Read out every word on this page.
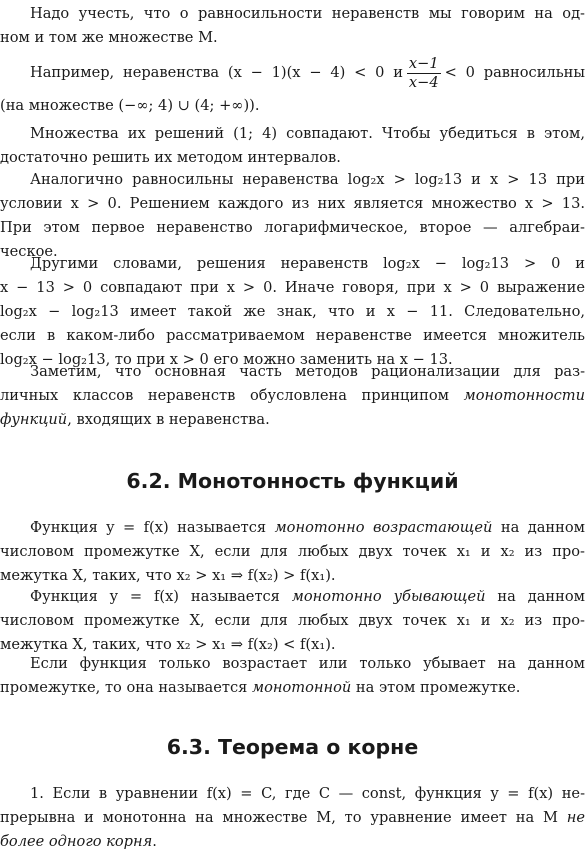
Надо учесть, что о равносильности неравенств мы говорим на од-
ном и том же множестве M.
Например, неравенства (x − 1)(x − 4) < 0 и $\frac{x-1}{x-4} < 0$ равносильны
(на множестве (−∞; 4) ∪ (4; +∞)).
Множества их решений (1; 4) совпадают. Чтобы убедиться в этом,
достаточно решить их методом интервалов.
Аналогично равносильны неравенства log₂x > log₂13 и x > 13 при
условии x > 0. Решением каждого из них является множество x > 13.
При этом первое неравенство логарифмическое, второе — алгебраи-
ческое.
Другими словами, решения неравенств log₂x − log₂13 > 0 и
x − 13 > 0 совпадают при x > 0. Иначе говоря, при x > 0 выражение
log₂x − log₂13 имеет такой же знак, что и x − 11. Следовательно,
если в каком-либо рассматриваемом неравенстве имеется множитель
log₂x − log₂13, то при x > 0 его можно заменить на x − 13.
Заметим, что основная часть методов рационализации для раз-
личных классов неравенств обусловлена принципом монотонности
функций, входящих в неравенства.
6.2. Монотонность функций
Функция y = f(x) называется монотонно возрастающей на данном
числовом промежутке X, если для любых двух точек x₁ и x₂ из про-
межутка X, таких, что x₂ > x₁ ⇒ f(x₂) > f(x₁).
Функция y = f(x) называется монотонно убывающей на данном
числовом промежутке X, если для любых двух точек x₁ и x₂ из про-
межутка X, таких, что x₂ > x₁ ⇒ f(x₂) < f(x₁).
Если функция только возрастает или только убывает на данном
промежутке, то она называется монотонной на этом промежутке.
6.3. Теорема о корне
1. Если в уравнении f(x) = C, где C — const, функция y = f(x) не-
прерывна и монотонна на множестве M, то уравнение имеет на M не
более одного корня.
